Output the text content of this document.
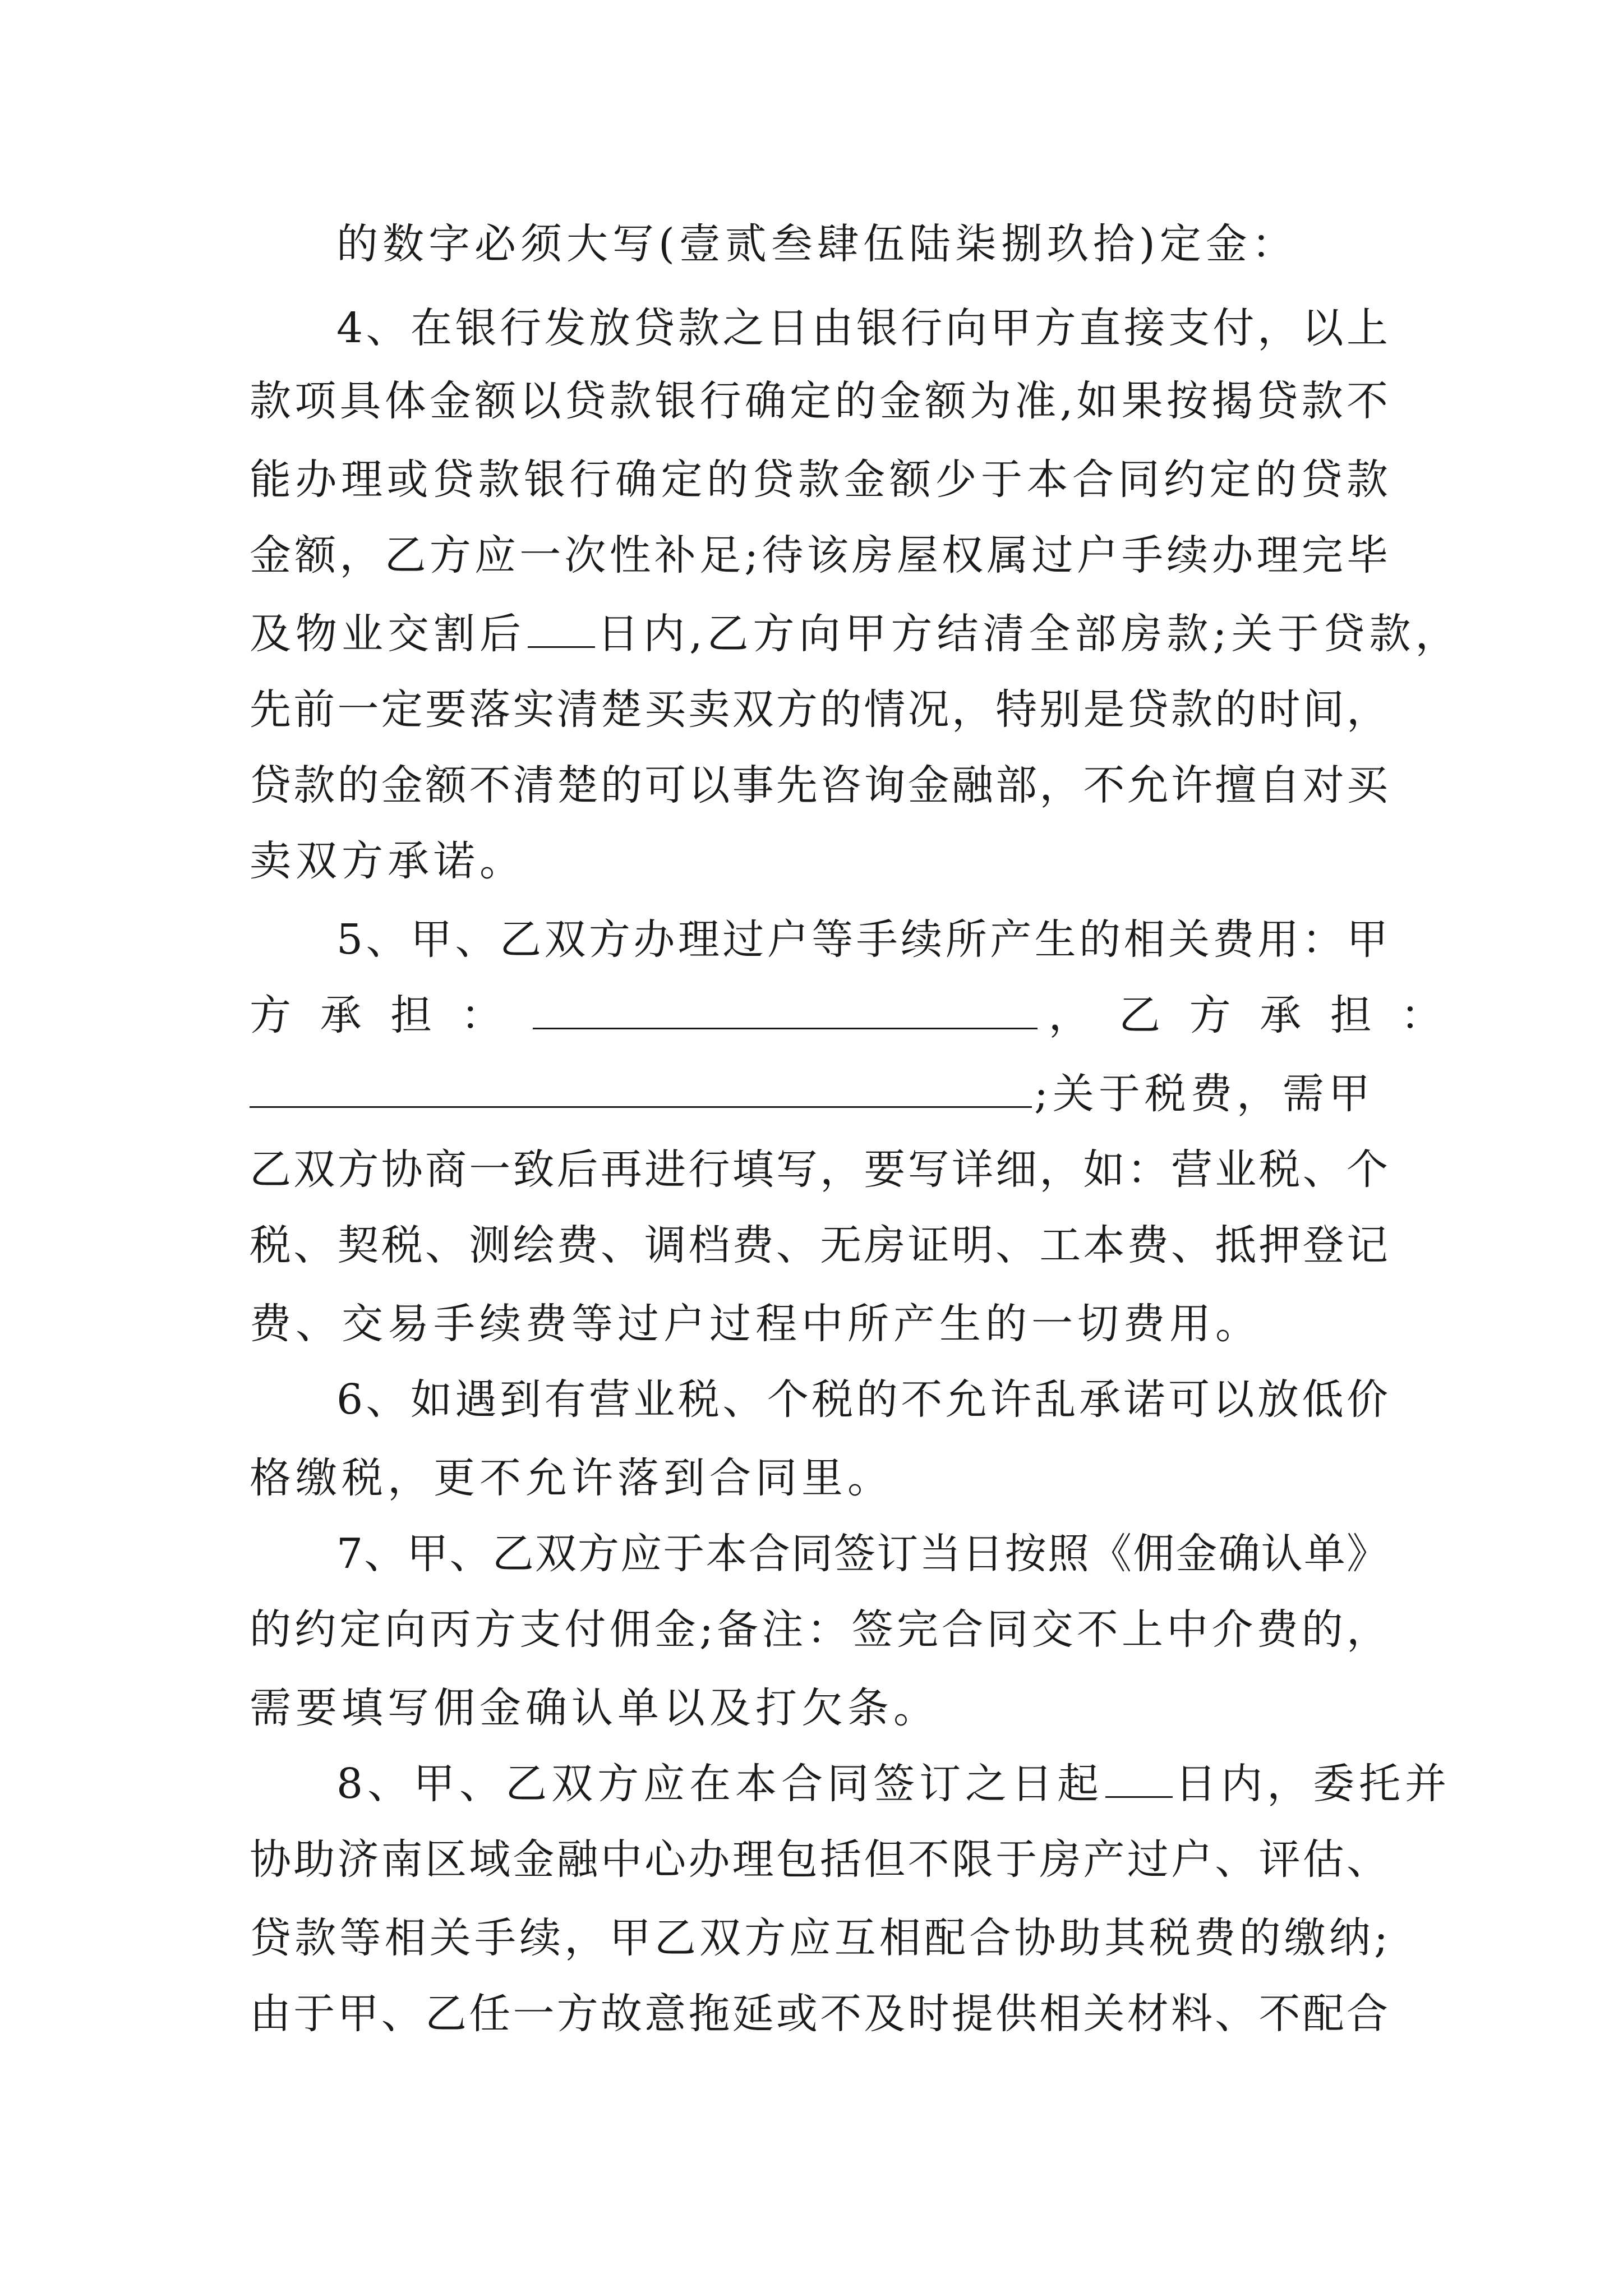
的数字必须大写(壹贰叁肆伍陆柒捌玖拾)定金：
4、在银行发放贷款之日由银行向甲方直接支付，以上
款项具体金额以贷款银行确定的金额为准,如果按揭贷款不
能办理或贷款银行确定的贷款金额少于本合同约定的贷款
金额，乙方应一次性补足;待该房屋权属过户手续办理完毕
及物业交割后 日内,乙方向甲方结清全部房款;关于贷款，
先前一定要落实清楚买卖双方的情况，特别是贷款的时间，
贷款的金额不清楚的可以事先咨询金融部，不允许擅自对买
卖双方承诺。
5、甲、乙双方办理过户等手续所产生的相关费用：甲
方 承 担 ：	， 乙 方 承 担 ：
;关于税费，需甲
乙双方协商一致后再进行填写，要写详细，如：营业税、个
税、契税、测绘费、调档费、无房证明、工本费、抵押登记
费、交易手续费等过户过程中所产生的一切费用。
6、如遇到有营业税、个税的不允许乱承诺可以放低价
格缴税，更不允许落到合同里。
7、甲、乙双方应于本合同签订当日按照《佣金确认单》
的约定向丙方支付佣金;备注：签完合同交不上中介费的，
需要填写佣金确认单以及打欠条。
8、甲、乙双方应在本合同签订之日起 日内，委托并
协助济南区域金融中心办理包括但不限于房产过户、评估、
贷款等相关手续，甲乙双方应互相配合协助其税费的缴纳;
由于甲、乙任一方故意拖延或不及时提供相关材料、不配合
